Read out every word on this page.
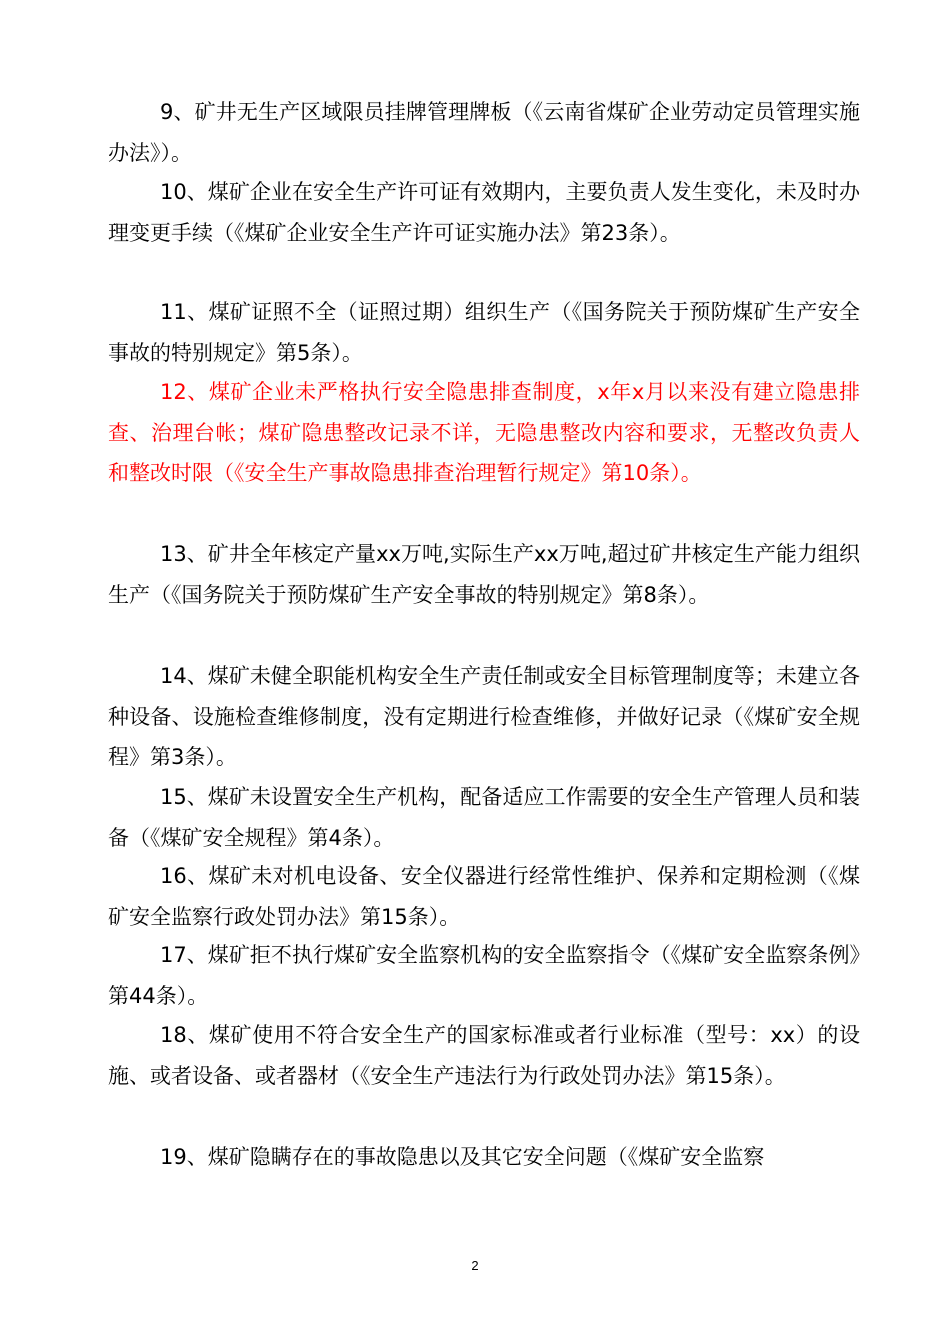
9、矿井无生产区域限员挂牌管理牌板（《云南省煤矿企业劳动定员管理实施办法》）。

10、煤矿企业在安全生产许可证有效期内，主要负责人发生变化，未及时办理变更手续（《煤矿企业安全生产许可证实施办法》第23条）。

11、煤矿证照不全（证照过期）组织生产（《国务院关于预防煤矿生产安全事故的特别规定》第5条）。

12、煤矿企业未严格执行安全隐患排查制度，x年x月以来没有建立隐患排查、治理台帐；煤矿隐患整改记录不详，无隐患整改内容和要求，无整改负责人和整改时限（《安全生产事故隐患排查治理暂行规定》第10条）。

13、矿井全年核定产量xx万吨,实际生产xx万吨,超过矿井核定生产能力组织生产（《国务院关于预防煤矿生产安全事故的特别规定》第8条）。

14、煤矿未健全职能机构安全生产责任制或安全目标管理制度等；未建立各种设备、设施检查维修制度，没有定期进行检查维修，并做好记录（《煤矿安全规程》第3条）。

15、煤矿未设置安全生产机构，配备适应工作需要的安全生产管理人员和装备（《煤矿安全规程》第4条）。

16、煤矿未对机电设备、安全仪器进行经常性维护、保养和定期检测（《煤矿安全监察行政处罚办法》第15条）。

17、煤矿拒不执行煤矿安全监察机构的安全监察指令（《煤矿安全监察条例》第44条）。

18、煤矿使用不符合安全生产的国家标准或者行业标准（型号：xx）的设施、或者设备、或者器材（《安全生产违法行为行政处罚办法》第15条）。

19、煤矿隐瞒存在的事故隐患以及其它安全问题（《煤矿安全监察

2
